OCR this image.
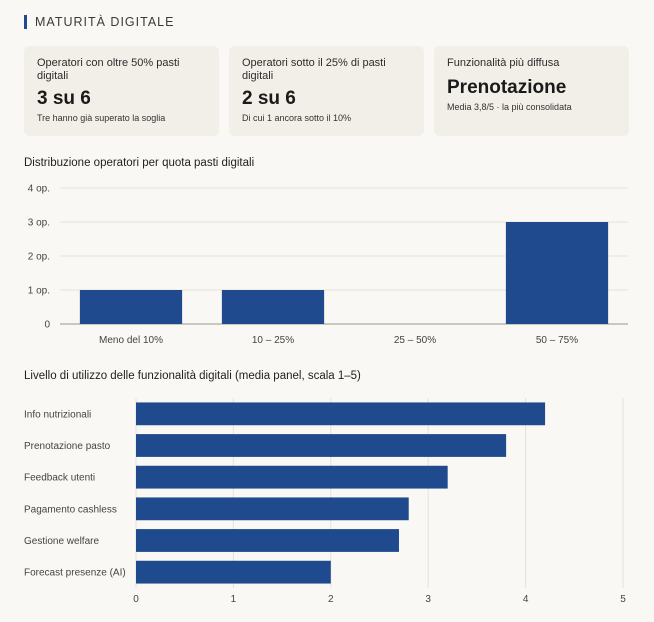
MATURITÀ DIGITALE
Operatori con oltre 50% pasti digitali
3 su 6
Tre hanno già superato la soglia
Operatori sotto il 25% di pasti digitali
2 su 6
Di cui 1 ancora sotto il 10%
Funzionalità più diffusa
Prenotazione
Media 3,8/5 · la più consolidata
Distribuzione operatori per quota pasti digitali
0
1 op.
2 op.
3 op.
4 op.
Meno del 10%	10 – 25%	25 – 50%	50 – 75%
Livello di utilizzo delle funzionalità digitali (media panel, scala 1–5)
0	1	2	3	4	5
Info nutrizionali
Prenotazione pasto
Feedback utenti
Pagamento cashless
Gestione welfare
Forecast presenze (AI)
